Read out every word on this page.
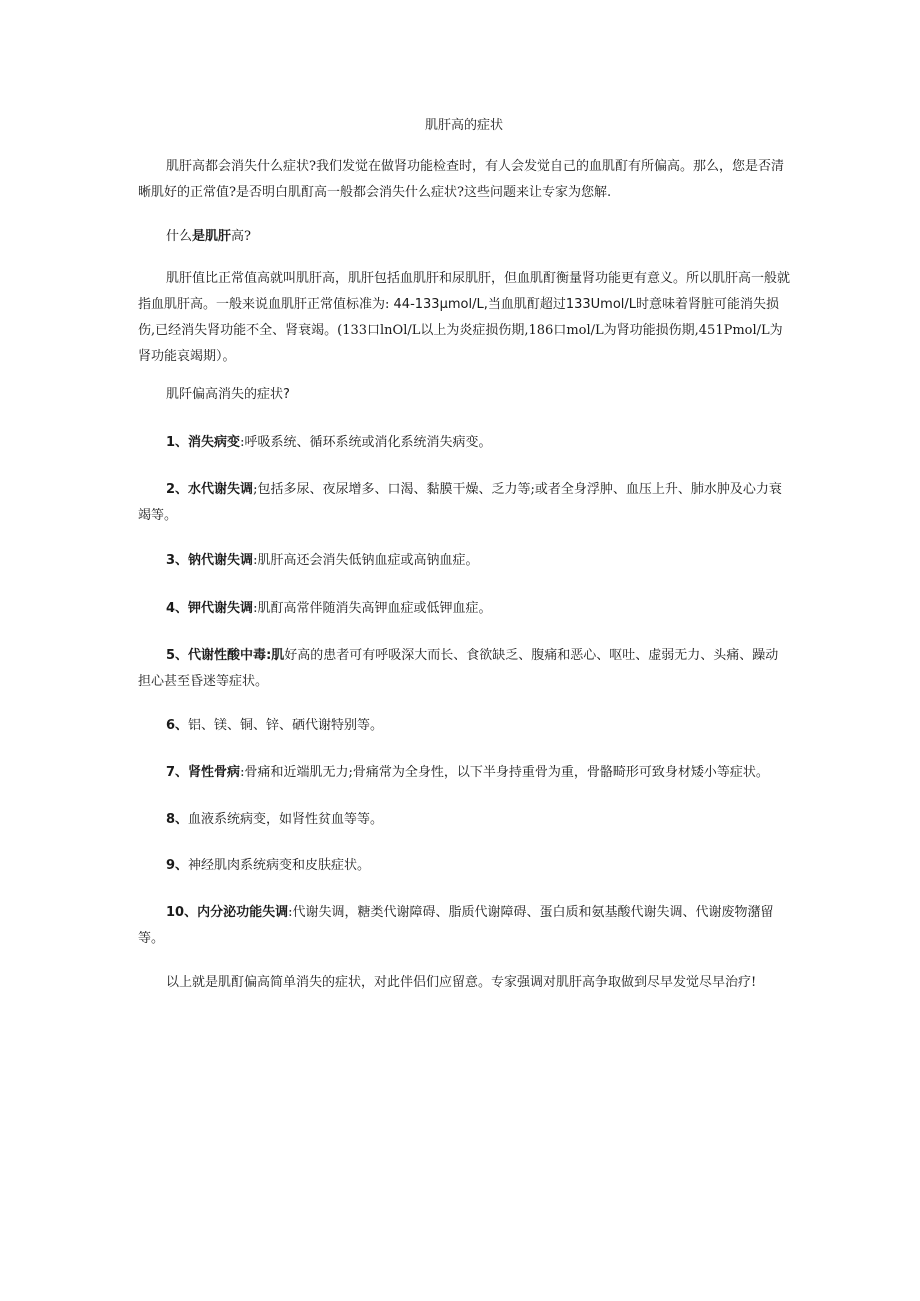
肌肝高的症状

肌肝高都会消失什么症状?我们发觉在做肾功能检查时，有人会发觉自己的血肌酊有所偏高。那么，您是否清晰肌好的正常值?是否明白肌酊高一般都会消失什么症状?这些问题来让专家为您解.

什么是肌肝高?

肌肝值比正常值高就叫肌肝高，肌肝包括血肌肝和尿肌肝，但血肌酊衡量肾功能更有意义。所以肌肝高一般就指血肌肝高。一般来说血肌肝正常值标准为: 44-133μmol/L,当血肌酊超过133Umol/L时意味着肾脏可能消失损伤,已经消失肾功能不全、肾衰竭。(133口lnOl/L以上为炎症损伤期,186口mol/L为肾功能损伤期,451Pmol/L为肾功能哀竭期）。

肌阡偏高消失的症状?

1、消失病变:呼吸系统、循环系统或消化系统消失病变。

2、水代谢失调;包括多尿、夜尿增多、口渴、黏膜干燥、乏力等;或者全身浮肿、血压上升、肺水肿及心力衰竭等。

3、钠代谢失调:肌肝高还会消失低钠血症或高钠血症。

4、钾代谢失调:肌酊高常伴随消失高钾血症或低钾血症。

5、代谢性酸中毒:肌好高的患者可有呼吸深大而长、食欲缺乏、腹痛和恶心、呕吐、虚弱无力、头痛、躁动担心甚至昏迷等症状。

6、铝、镁、铜、锌、硒代谢特别等。

7、肾性骨病:骨痛和近端肌无力;骨痛常为全身性，以下半身持重骨为重，骨骼畸形可致身材矮小等症状。

8、血液系统病变，如肾性贫血等等。

9、神经肌肉系统病变和皮肤症状。

10、内分泌功能失调:代谢失调，糖类代谢障碍、脂质代谢障碍、蛋白质和氨基酸代谢失调、代谢废物潴留等。

以上就是肌酊偏高简单消失的症状，对此伴侣们应留意。专家强调对肌肝高争取做到尽早发觉尽早治疗!
